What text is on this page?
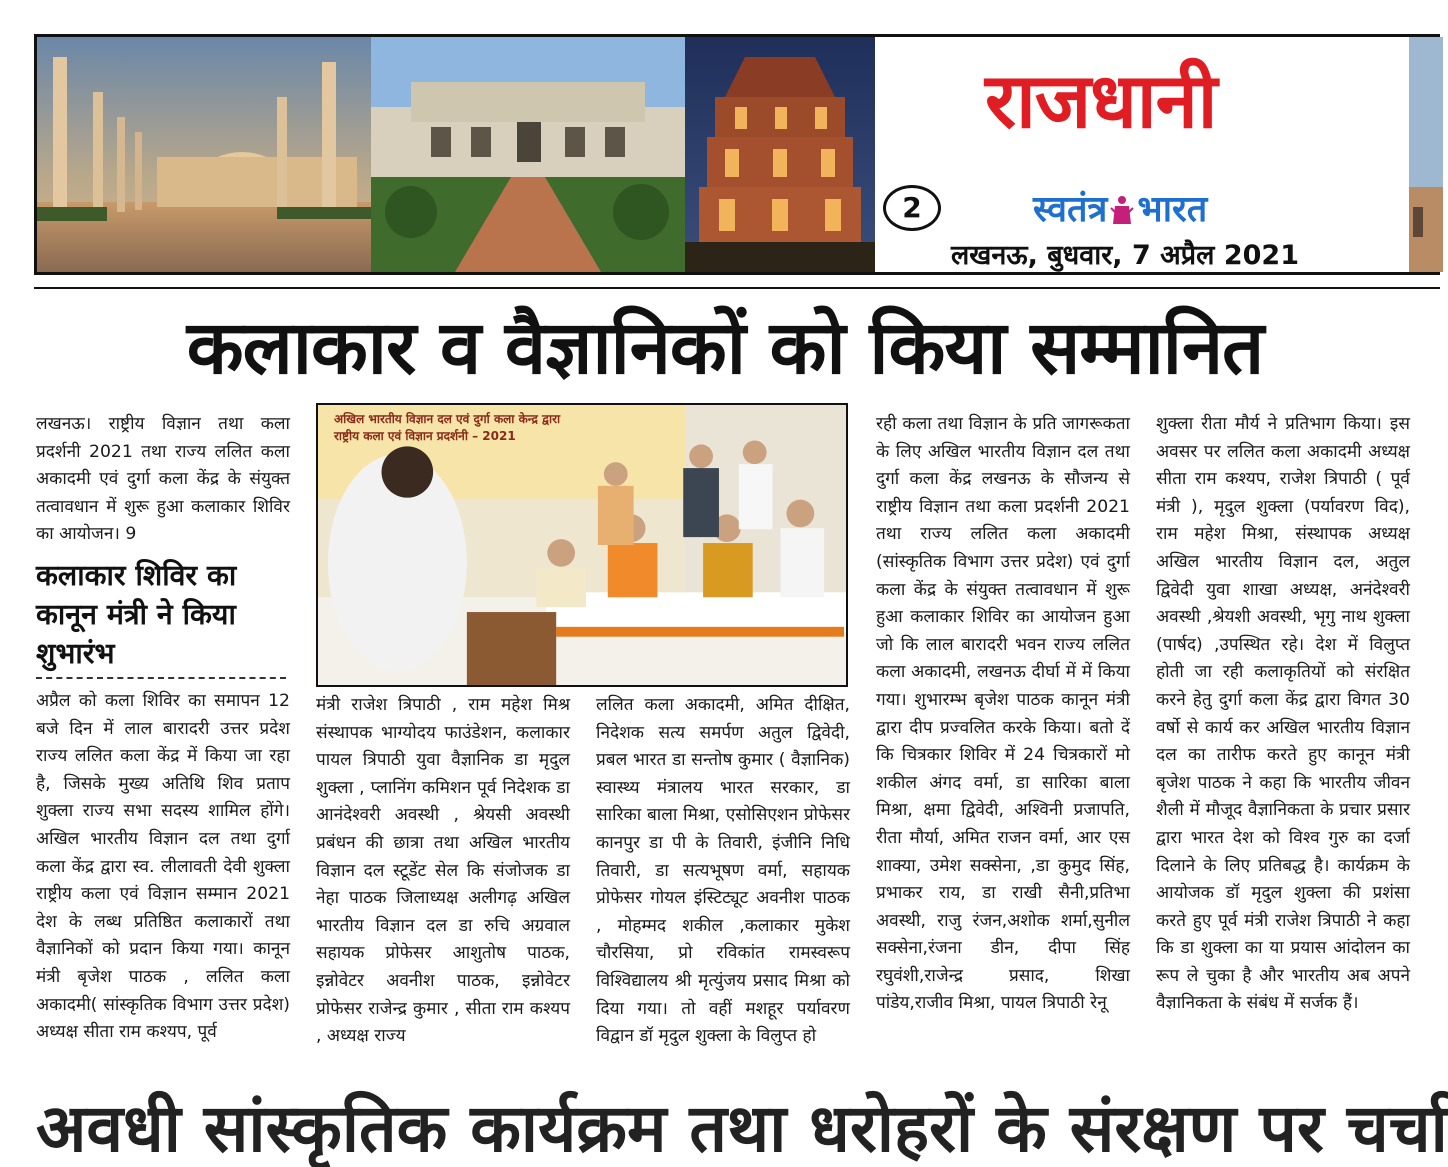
राजधानी
2	स्वतंत्र भारत
लखनऊ, बुधवार, 7 अप्रैल 2021
कलाकार व वैज्ञानिकों को किया सम्मानित
लखनऊ। राष्ट्रीय विज्ञान तथा कला प्रदर्शनी 2021 तथा राज्य ललित कला अकादमी एवं दुर्गा कला केंद्र के संयुक्त तत्वावधान में शुरू हुआ कलाकार शिविर का आयोजन। 9
कलाकार शिविर का कानून मंत्री ने किया शुभारंभ
अप्रैल को कला शिविर का समापन 12 बजे दिन में लाल बारादरी उत्तर प्रदेश राज्य ललित कला केंद्र में किया जा रहा है, जिसके मुख्य अतिथि शिव प्रताप शुक्ला राज्य सभा सदस्य शामिल होंगे। अखिल भारतीय विज्ञान दल तथा दुर्गा कला केंद्र द्वारा स्व. लीलावती देवी शुक्ला राष्ट्रीय कला एवं विज्ञान सम्मान 2021 देश के लब्ध प्रतिष्ठित कलाकारों तथा वैज्ञानिकों को प्रदान किया गया। कानून मंत्री बृजेश पाठक , ललित कला अकादमी( सांस्कृतिक विभाग उत्तर प्रदेश) अध्यक्ष सीता राम कश्यप, पूर्व
अखिल भारतीय विज्ञान दल एवं दुर्गा कला केन्द्र द्वारा
राष्ट्रीय कला एवं विज्ञान प्रदर्शनी – 2021
मंत्री राजेश त्रिपाठी , राम महेश मिश्र संस्थापक भाग्योदय फाउंडेशन, कलाकार पायल त्रिपाठी युवा वैज्ञानिक डा मृदुल शुक्ला , प्लानिंग कमिशन पूर्व निदेशक डा आनंदेश्वरी अवस्थी , श्रेयसी अवस्थी प्रबंधन की छात्रा तथा अखिल भारतीय विज्ञान दल स्टूडेंट सेल कि संजोजक डा नेहा पाठक जिलाध्यक्ष अलीगढ़ अखिल भारतीय विज्ञान दल डा रुचि अग्रवाल सहायक प्रोफेसर आशुतोष पाठक, इन्नोवेटर अवनीश पाठक, इन्नोवेटर प्रोफेसर राजेन्द्र कुमार , सीता राम कश्यप , अध्यक्ष राज्य
ललित कला अकादमी, अमित दीक्षित, निदेशक सत्य समर्पण अतुल द्विवेदी, प्रबल भारत डा सन्तोष कुमार ( वैज्ञानिक) स्वास्थ्य मंत्रालय भारत सरकार, डा सारिका बाला मिश्रा, एसोसिएशन प्रोफेसर कानपुर डा पी के तिवारी, इंजीनि निधि तिवारी, डा सत्यभूषण वर्मा, सहायक प्रोफेसर गोयल इंस्टिट्यूट अवनीश पाठक , मोहम्मद शकील ,कलाकार मुकेश चौरसिया, प्रो रविकांत रामस्वरूप विश्विद्यालय श्री मृत्युंजय प्रसाद मिश्रा को दिया गया। तो वहीं मशहूर पर्यावरण विद्वान डॉ मृदुल शुक्ला के विलुप्त हो
रही कला तथा विज्ञान के प्रति जागरूकता के लिए अखिल भारतीय विज्ञान दल तथा दुर्गा कला केंद्र लखनऊ के सौजन्य से राष्ट्रीय विज्ञान तथा कला प्रदर्शनी 2021 तथा राज्य ललित कला अकादमी (सांस्कृतिक विभाग उत्तर प्रदेश) एवं दुर्गा कला केंद्र के संयुक्त तत्वावधान में शुरू हुआ कलाकार शिविर का आयोजन हुआ जो कि लाल बारादरी भवन राज्य ललित कला अकादमी, लखनऊ दीर्घा में में किया गया। शुभारम्भ बृजेश पाठक कानून मंत्री द्वारा दीप प्रज्वलित करके किया। बतो दें कि चित्रकार शिविर में 24 चित्रकारों मो शकील अंगद वर्मा, डा सारिका बाला मिश्रा, क्षमा द्विवेदी, अश्विनी प्रजापति, रीता मौर्या, अमित राजन वर्मा, आर एस शाक्या, उमेश सक्सेना, ,डा कुमुद सिंह, प्रभाकर राय, डा राखी सैनी,प्रतिभा अवस्थी, राजु रंजन,अशोक शर्मा,सुनील सक्सेना,रंजना डीन, दीपा सिंह रघुवंशी,राजेन्द्र प्रसाद, शिखा पांडेय,राजीव मिश्रा, पायल त्रिपाठी रेनू
शुक्ला रीता मौर्य ने प्रतिभाग किया। इस अवसर पर ललित कला अकादमी अध्यक्ष सीता राम कश्यप, राजेश त्रिपाठी ( पूर्व मंत्री ), मृदुल शुक्ला (पर्यावरण विद), राम महेश मिश्रा, संस्थापक अध्यक्ष अखिल भारतीय विज्ञान दल, अतुल द्विवेदी युवा शाखा अध्यक्ष, अनंदेश्वरी अवस्थी ,श्रेयशी अवस्थी, भृगु नाथ शुक्ला (पार्षद) ,उपस्थित रहे। देश में विलुप्त होती जा रही कलाकृतियों को संरक्षित करने हेतु दुर्गा कला केंद्र द्वारा विगत 30 वर्षो से कार्य कर अखिल भारतीय विज्ञान दल का तारीफ करते हुए कानून मंत्री बृजेश पाठक ने कहा कि भारतीय जीवन शैली में मौजूद वैज्ञानिकता के प्रचार प्रसार द्वारा भारत देश को विश्व गुरु का दर्जा दिलाने के लिए प्रतिबद्ध है। कार्यक्रम के आयोजक डॉ मृदुल शुक्ला की प्रशंसा करते हुए पूर्व मंत्री राजेश त्रिपाठी ने कहा कि डा शुक्ला का या प्रयास आंदोलन का रूप ले चुका है और भारतीय अब अपने वैज्ञानिकता के संबंध में सर्जक हैं।
अवधी सांस्कृतिक कार्यक्रम तथा धरोहरों के संरक्षण पर चर्चा
